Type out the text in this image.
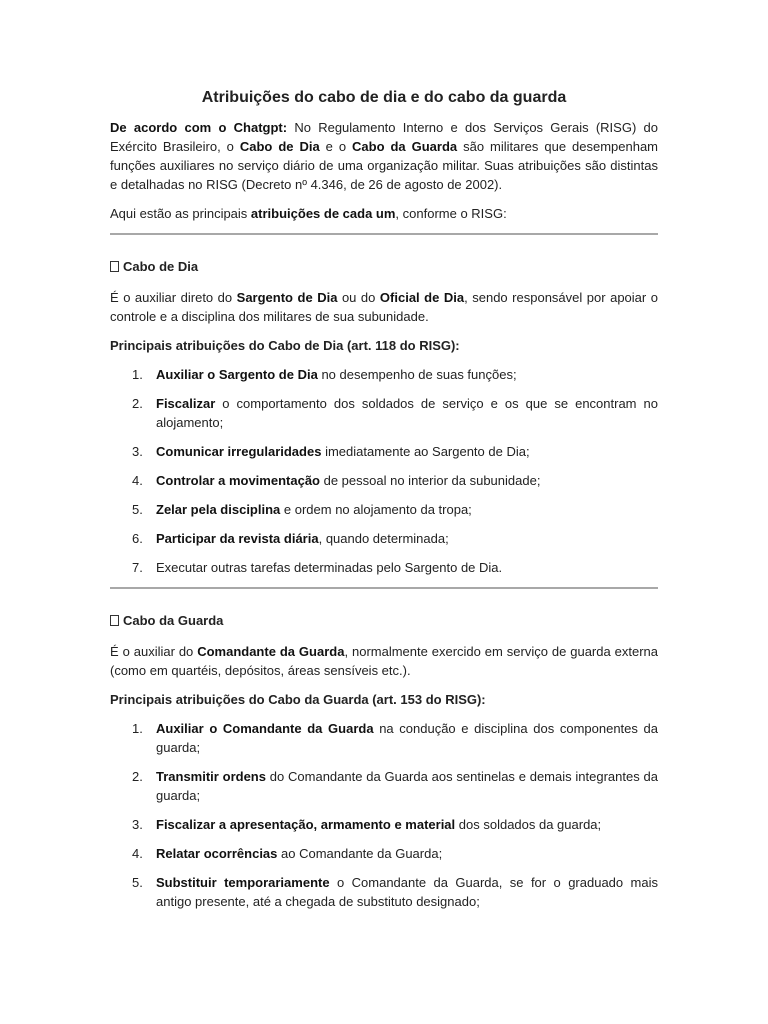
Atribuições do cabo de dia e do cabo da guarda

De acordo com o Chatgpt: No Regulamento Interno e dos Serviços Gerais (RISG) do Exército Brasileiro, o Cabo de Dia e o Cabo da Guarda são militares que desempenham funções auxiliares no serviço diário de uma organização militar. Suas atribuições são distintas e detalhadas no RISG (Decreto nº 4.346, de 26 de agosto de 2002).

Aqui estão as principais atribuições de cada um, conforme o RISG:

Cabo de Dia

É o auxiliar direto do Sargento de Dia ou do Oficial de Dia, sendo responsável por apoiar o controle e a disciplina dos militares de sua subunidade.

Principais atribuições do Cabo de Dia (art. 118 do RISG):
1. Auxiliar o Sargento de Dia no desempenho de suas funções;
2. Fiscalizar o comportamento dos soldados de serviço e os que se encontram no alojamento;
3. Comunicar irregularidades imediatamente ao Sargento de Dia;
4. Controlar a movimentação de pessoal no interior da subunidade;
5. Zelar pela disciplina e ordem no alojamento da tropa;
6. Participar da revista diária, quando determinada;
7. Executar outras tarefas determinadas pelo Sargento de Dia.
Cabo da Guarda

É o auxiliar do Comandante da Guarda, normalmente exercido em serviço de guarda externa (como em quartéis, depósitos, áreas sensíveis etc.).

Principais atribuições do Cabo da Guarda (art. 153 do RISG):
1. Auxiliar o Comandante da Guarda na condução e disciplina dos componentes da guarda;
2. Transmitir ordens do Comandante da Guarda aos sentinelas e demais integrantes da guarda;
3. Fiscalizar a apresentação, armamento e material dos soldados da guarda;
4. Relatar ocorrências ao Comandante da Guarda;
5. Substituir temporariamente o Comandante da Guarda, se for o graduado mais antigo presente, até a chegada de substituto designado;
